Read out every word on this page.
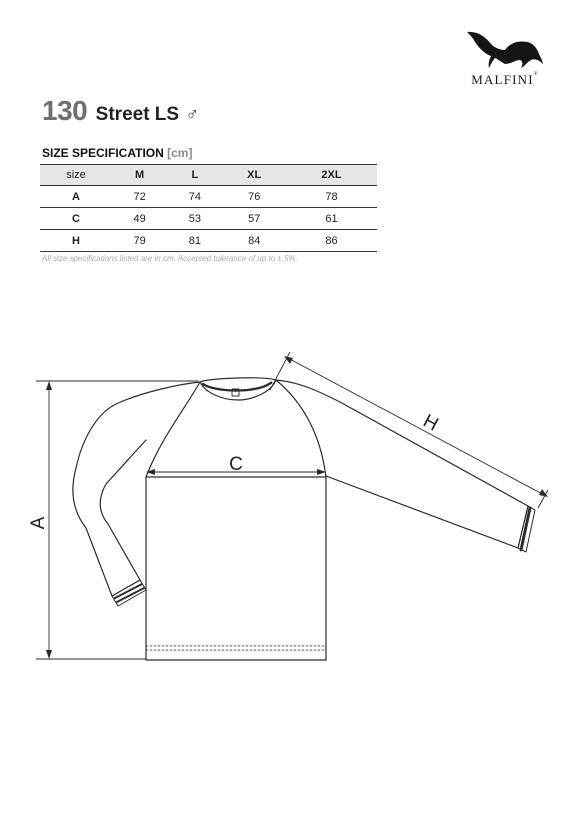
MALFINI®
130 Street LS ♂
SIZE SPECIFICATION [cm]
size	M	L	XL	2XL
A	72	74	76	78
C	49	53	57	61
H	79	81	84	86
All size specifications listed are in cm. Accepted tolerance of up to ± 5%.
A
C
H
